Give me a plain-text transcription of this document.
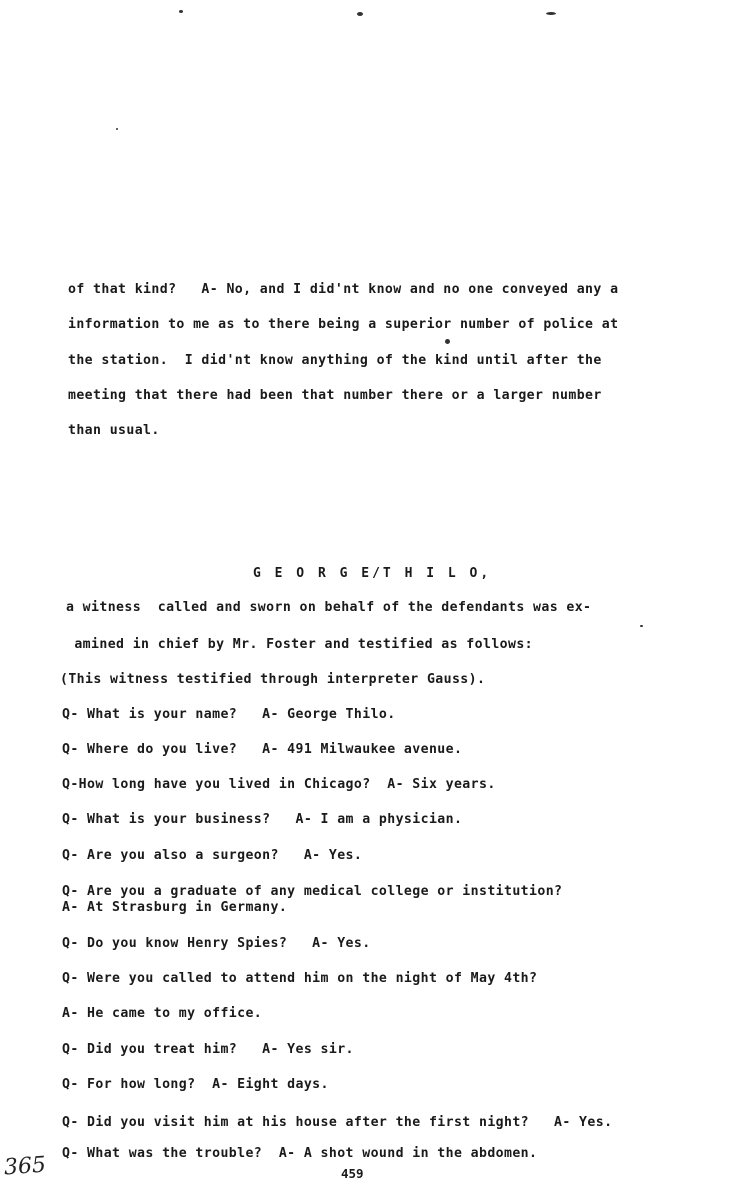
of that kind?   A- No, and I did'nt know and no one conveyed any a
information to me as to there being a superior number of police at
the station.  I did'nt know anything of the kind until after the
meeting that there had been that number there or a larger number
than usual.
G E O R G E/T H I L O,
a witness  called and sworn on behalf of the defendants was ex-
amined in chief by Mr. Foster and testified as follows:
(This witness testified through interpreter Gauss).
Q- What is your name?   A- George Thilo.
Q- Where do you live?   A- 491 Milwaukee avenue.
Q-How long have you lived in Chicago?  A- Six years.
Q- What is your business?   A- I am a physician.
Q- Are you also a surgeon?   A- Yes.
Q- Are you a graduate of any medical college or institution?
A- At Strasburg in Germany.
Q- Do you know Henry Spies?   A- Yes.
Q- Were you called to attend him on the night of May 4th?
A- He came to my office.
Q- Did you treat him?   A- Yes sir.
Q- For how long?  A- Eight days.
Q- Did you visit him at his house after the first night?   A- Yes.
Q- What was the trouble?  A- A shot wound in the abdomen.
365	459
